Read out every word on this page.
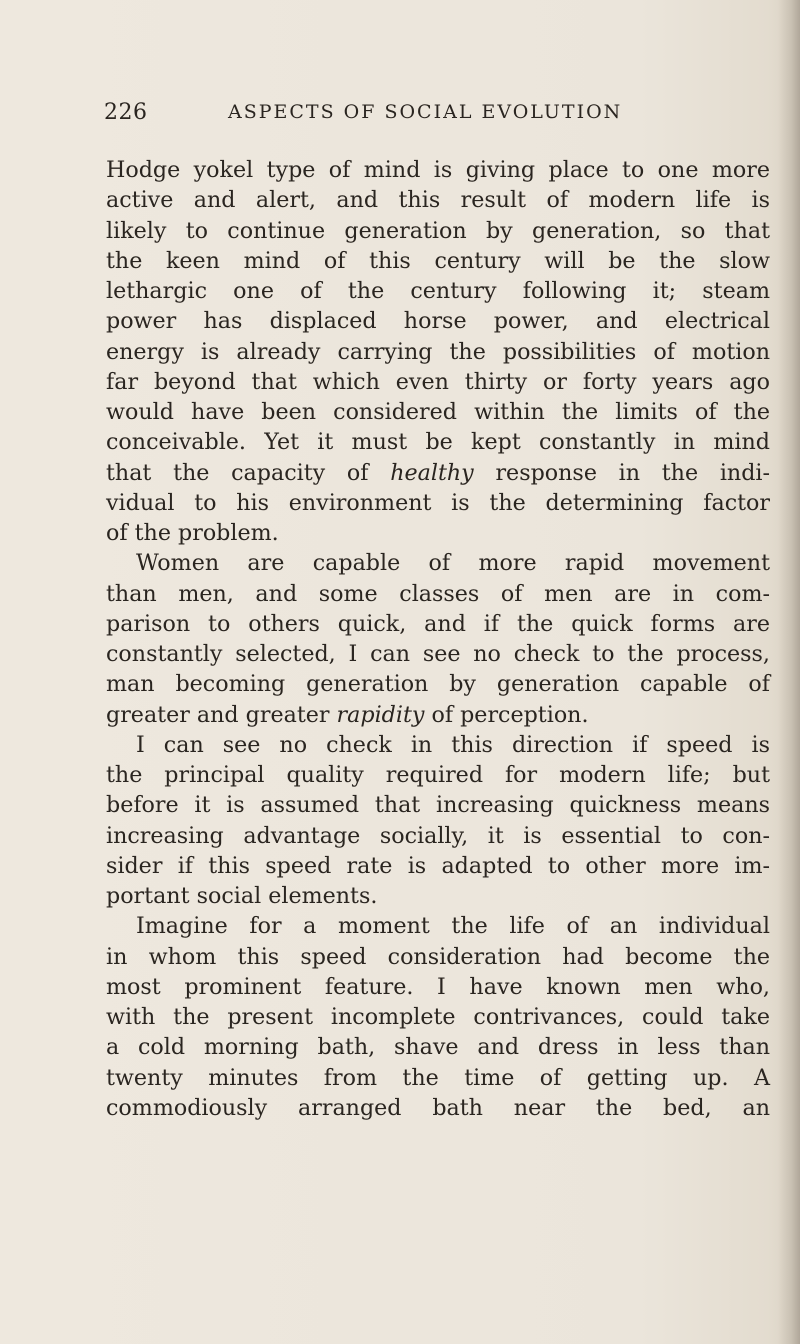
226	ASPECTS OF SOCIAL EVOLUTION
Hodge yokel type of mind is giving place to one more
active and alert, and this result of modern life is
likely to continue generation by generation, so that
the keen mind of this century will be the slow
lethargic one of the century following it; steam
power has displaced horse power, and electrical
energy is already carrying the possibilities of motion
far beyond that which even thirty or forty years ago
would have been considered within the limits of the
conceivable. Yet it must be kept constantly in mind
that the capacity of healthy response in the indi-
vidual to his environment is the determining factor
of the problem.
Women are capable of more rapid movement
than men, and some classes of men are in com-
parison to others quick, and if the quick forms are
constantly selected, I can see no check to the process,
man becoming generation by generation capable of
greater and greater rapidity of perception.
I can see no check in this direction if speed is
the principal quality required for modern life; but
before it is assumed that increasing quickness means
increasing advantage socially, it is essential to con-
sider if this speed rate is adapted to other more im-
portant social elements.
Imagine for a moment the life of an individual
in whom this speed consideration had become the
most prominent feature. I have known men who,
with the present incomplete contrivances, could take
a cold morning bath, shave and dress in less than
twenty minutes from the time of getting up. A
commodiously arranged bath near the bed, an
